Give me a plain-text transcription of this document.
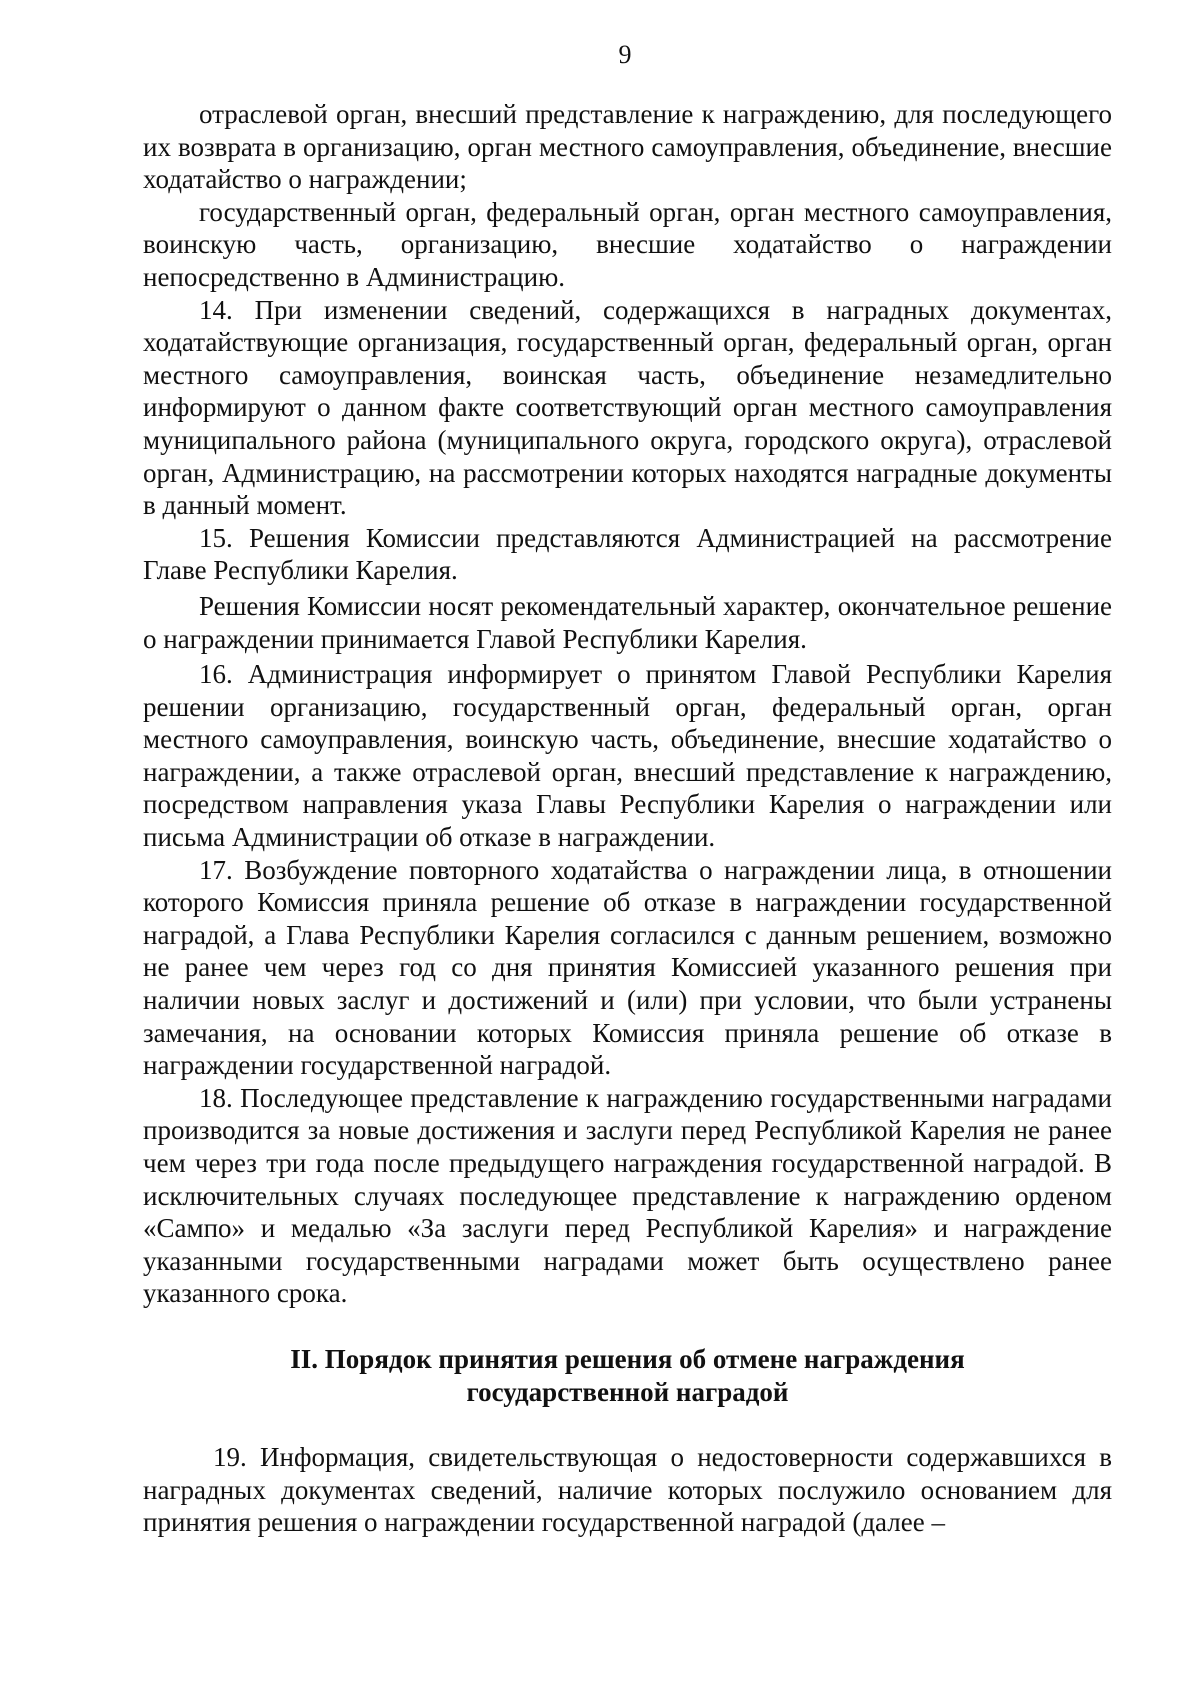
9

отраслевой орган, внесший представление к награждению, для последующего их возврата в организацию, орган местного самоуправления, объединение, внесшие ходатайство о награждении;

государственный орган, федеральный орган, орган местного самоуправления, воинскую часть, организацию, внесшие ходатайство о награждении непосредственно в Администрацию.

14. При изменении сведений, содержащихся в наградных документах, ходатайствующие организация, государственный орган, федеральный орган, орган местного самоуправления, воинская часть, объединение незамедлительно информируют о данном факте соответствующий орган местного самоуправления муниципального района (муниципального округа, городского округа), отраслевой орган, Администрацию, на рассмотрении которых находятся наградные документы в данный момент.

15. Решения Комиссии представляются Администрацией на рассмотрение Главе Республики Карелия.

Решения Комиссии носят рекомендательный характер, окончательное решение о награждении принимается Главой Республики Карелия.

16. Администрация информирует о принятом Главой Республики Карелия решении организацию, государственный орган, федеральный орган, орган местного самоуправления, воинскую часть, объединение, внесшие ходатайство о награждении, а также отраслевой орган, внесший представление к награждению, посредством направления указа Главы Республики Карелия о награждении или письма Администрации об отказе в награждении.

17. Возбуждение повторного ходатайства о награждении лица, в отношении которого Комиссия приняла решение об отказе в награждении государственной наградой, а Глава Республики Карелия согласился с данным решением, возможно не ранее чем через год со дня принятия Комиссией указанного решения при наличии новых заслуг и достижений и (или) при условии, что были устранены замечания, на основании которых Комиссия приняла решение об отказе в награждении государственной наградой.

18. Последующее представление к награждению государственными наградами производится за новые достижения и заслуги перед Республикой Карелия не ранее чем через три года после предыдущего награждения государственной наградой. В исключительных случаях последующее представление к награждению орденом «Сампо» и медалью «За заслуги перед Республикой Карелия» и награждение указанными государственными наградами может быть осуществлено ранее указанного срока.

II. Порядок принятия решения об отмене награждения
государственной наградой

19. Информация, свидетельствующая о недостоверности содержавшихся в наградных документах сведений, наличие которых послужило основанием для принятия решения о награждении государственной наградой (далее –
